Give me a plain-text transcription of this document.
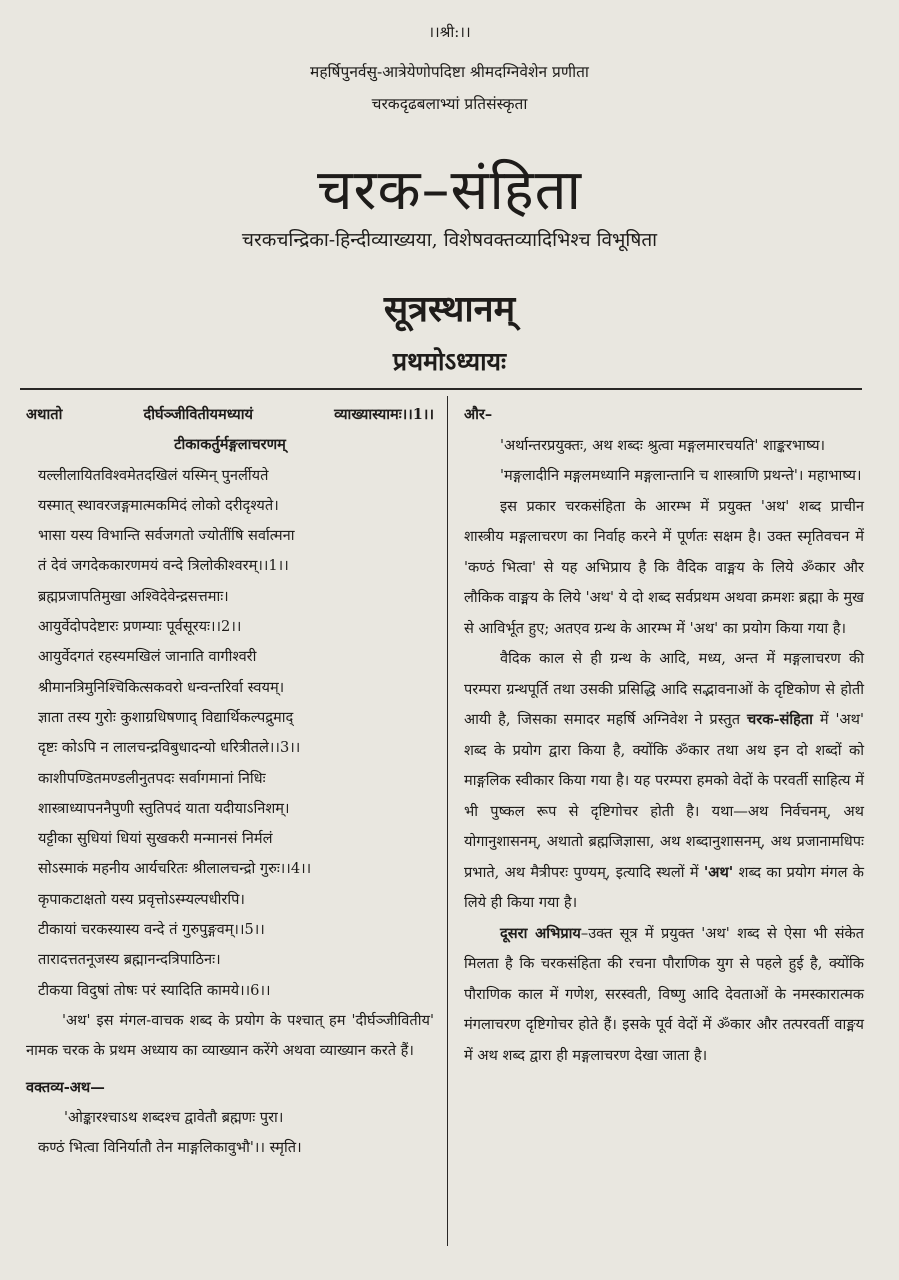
।।श्री:।।
महर्षिपुनर्वसु-आत्रेयेणोपदिष्टा श्रीमदग्निवेशेन प्रणीता
चरकदृढबलाभ्यां प्रतिसंस्कृता
चरक–संहिता
चरकचन्द्रिका-हिन्दीव्याख्यया, विशेषवक्तव्यादिभिश्च विभूषिता
सूत्रस्थानम्
प्रथमोऽध्यायः
अथातो	दीर्घञ्जीवितीयमध्यायं	व्याख्यास्यामः।।1।।
टीकाकर्तुर्मङ्गलाचरणम्
यल्लीलायितविश्वमेतदखिलं यस्मिन् पुनर्लीयते
यस्मात् स्थावरजङ्गमात्मकमिदं लोको दरीदृश्यते।
भासा यस्य विभान्ति सर्वजगतो ज्योतींषि सर्वात्मना
तं देवं जगदेककारणमयं वन्दे त्रिलोकीश्वरम्।।1।।
ब्रह्मप्रजापतिमुखा अश्विदेवेन्द्रसत्तमाः।
आयुर्वेदोपदेष्टारः प्रणम्याः पूर्वसूरयः।।2।।
आयुर्वेदगतं रहस्यमखिलं जानाति वागीश्वरी
श्रीमानत्रिमुनिश्चिकित्सकवरो धन्वन्तरिर्वा स्वयम्।
ज्ञाता तस्य गुरोः कुशाग्रधिषणाद् विद्यार्थिकल्पद्रुमाद्
दृष्टः कोऽपि न लालचन्द्रविबुधादन्यो धरित्रीतले।।3।।
काशीपण्डितमण्डलीनुतपदः सर्वागमानां निधिः
शास्त्राध्यापननैपुणी स्तुतिपदं याता यदीयाऽनिशम्।
यट्टीका सुधियां धियां सुखकरी मन्मानसं निर्मलं
सोऽस्माकं महनीय आर्यचरितः श्रीलालचन्द्रो गुरुः।।4।।
कृपाकटाक्षतो यस्य प्रवृत्तोऽस्म्यल्पधीरपि।
टीकायां चरकस्यास्य वन्दे तं गुरुपुङ्गवम्।।5।।
तारादत्ततनूजस्य ब्रह्मानन्दत्रिपाठिनः।
टीकया विदुषां तोषः परं स्यादिति कामये।।6।।
'अथ' इस मंगल-वाचक शब्द के प्रयोग के पश्चात् हम 'दीर्घञ्जीवितीय' नामक चरक के प्रथम अध्याय का व्याख्यान करेंगे अथवा व्याख्यान करते हैं।
वक्तव्य-अथ—
'ओङ्कारश्चाऽथ शब्दश्च द्वावेतौ ब्रह्मणः पुरा।
कण्ठं भित्वा विनिर्यातौ तेन माङ्गलिकावुभौ'।। स्मृति।
और–
'अर्थान्तरप्रयुक्तः, अथ शब्दः श्रुत्वा मङ्गलमारचयति' शाङ्करभाष्य।
'मङ्गलादीनि मङ्गलमध्यानि मङ्गलान्तानि च शास्त्राणि प्रथन्ते'। महाभाष्य।
इस प्रकार चरकसंहिता के आरम्भ में प्रयुक्त 'अथ' शब्द प्राचीन शास्त्रीय मङ्गलाचरण का निर्वाह करने में पूर्णतः सक्षम है। उक्त स्मृतिवचन में 'कण्ठं भित्वा' से यह अभिप्राय है कि वैदिक वाङ्मय के लिये ॐकार और लौकिक वाङ्मय के लिये 'अथ' ये दो शब्द सर्वप्रथम अथवा क्रमशः ब्रह्मा के मुख से आविर्भूत हुए; अतएव ग्रन्थ के आरम्भ में 'अथ' का प्रयोग किया गया है।
वैदिक काल से ही ग्रन्थ के आदि, मध्य, अन्त में मङ्गलाचरण की परम्परा ग्रन्थपूर्ति तथा उसकी प्रसिद्धि आदि सद्भावनाओं के दृष्टिकोण से होती आयी है, जिसका समादर महर्षि अग्निवेश ने प्रस्तुत चरक-संहिता में 'अथ' शब्द के प्रयोग द्वारा किया है, क्योंकि ॐकार तथा अथ इन दो शब्दों को माङ्गलिक स्वीकार किया गया है। यह परम्परा हमको वेदों के परवर्ती साहित्य में भी पुष्कल रूप से दृष्टिगोचर होती है। यथा—अथ निर्वचनम्, अथ योगानुशासनम्, अथातो ब्रह्मजिज्ञासा, अथ शब्दानुशासनम्, अथ प्रजानामधिपः प्रभाते, अथ मैत्रीपरः पुण्यम्, इत्यादि स्थलों में 'अथ' शब्द का प्रयोग मंगल के लिये ही किया गया है।
दूसरा अभिप्राय–उक्त सूत्र में प्रयुक्त 'अथ' शब्द से ऐसा भी संकेत मिलता है कि चरकसंहिता की रचना पौराणिक युग से पहले हुई है, क्योंकि पौराणिक काल में गणेश, सरस्वती, विष्णु आदि देवताओं के नमस्कारात्मक मंगलाचरण दृष्टिगोचर होते हैं। इसके पूर्व वेदों में ॐकार और तत्परवर्ती वाङ्मय में अथ शब्द द्वारा ही मङ्गलाचरण देखा जाता है।
